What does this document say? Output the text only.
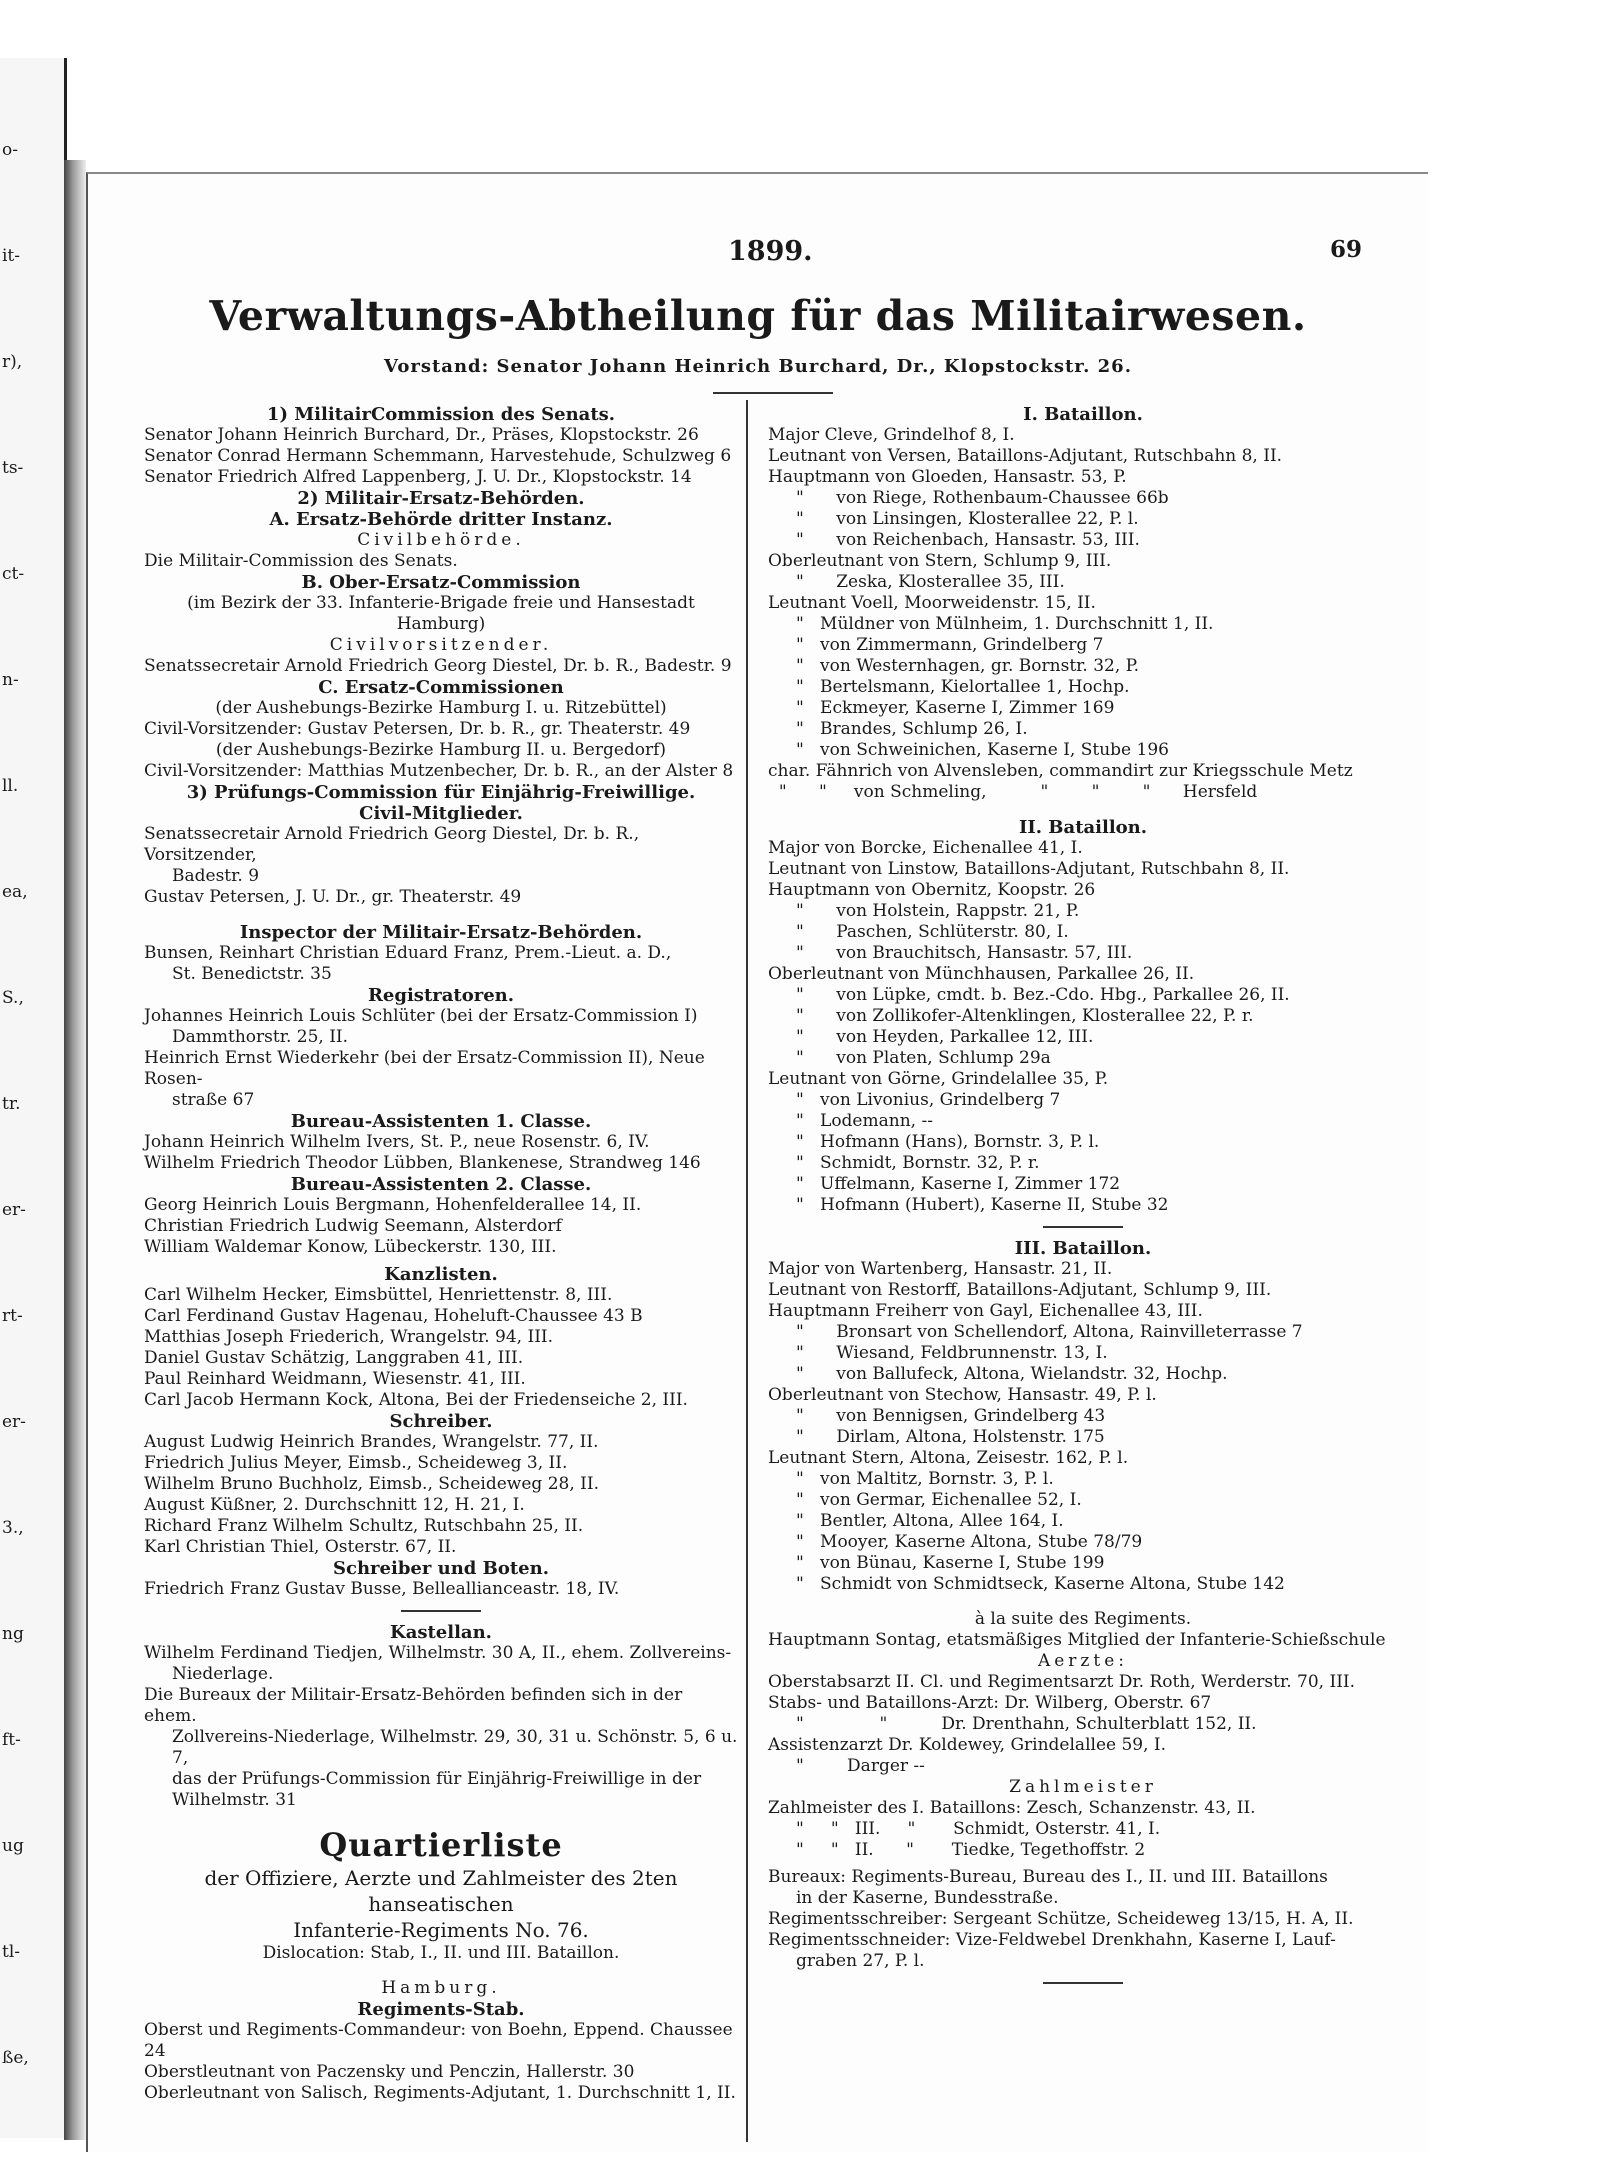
o-
it-
r),
ts-
ct-
n-
ll.
ea,
S.,
tr.
er-
rt-
er-
3.,
ng
ft-
ug
tl-
ße,
1899.	69
Verwaltungs-Abtheilung für das Militairwesen.
Vorstand: Senator Johann Heinrich Burchard, Dr., Klopstockstr. 26.

1) MilitairCommission des Senats.

Senator Johann Heinrich Burchard, Dr., Präses, Klopstockstr. 26

Senator Conrad Hermann Schemmann, Harvestehude, Schulzweg 6

Senator Friedrich Alfred Lappenberg, J. U. Dr., Klopstockstr. 14

2) Militair-Ersatz-Behörden.

A. Ersatz-Behörde dritter Instanz.

Civilbehörde.

Die Militair-Commission des Senats.

B. Ober-Ersatz-Commission

(im Bezirk der 33. Infanterie-Brigade freie und Hansestadt Hamburg)

Civilvorsitzender.

Senatssecretair Arnold Friedrich Georg Diestel, Dr. b. R., Badestr. 9

C. Ersatz-Commissionen

(der Aushebungs-Bezirke Hamburg I. u. Ritzebüttel)

Civil-Vorsitzender: Gustav Petersen, Dr. b. R., gr. Theaterstr. 49

(der Aushebungs-Bezirke Hamburg II. u. Bergedorf)

Civil-Vorsitzender: Matthias Mutzenbecher, Dr. b. R., an der Alster 8

3) Prüfungs-Commission für Einjährig-Freiwillige.

Civil-Mitglieder.

Senatssecretair Arnold Friedrich Georg Diestel, Dr. b. R., Vorsitzender,

Badestr. 9

Gustav Petersen, J. U. Dr., gr. Theaterstr. 49

Inspector der Militair-Ersatz-Behörden.

Bunsen, Reinhart Christian Eduard Franz, Prem.-Lieut. a. D.,

St. Benedictstr. 35

Registratoren.

Johannes Heinrich Louis Schlüter (bei der Ersatz-Commission I)

Dammthorstr. 25, II.

Heinrich Ernst Wiederkehr (bei der Ersatz-Commission II), Neue Rosen-

straße 67

Bureau-Assistenten 1. Classe.

Johann Heinrich Wilhelm Ivers, St. P., neue Rosenstr. 6, IV.

Wilhelm Friedrich Theodor Lübben, Blankenese, Strandweg 146

Bureau-Assistenten 2. Classe.

Georg Heinrich Louis Bergmann, Hohenfelderallee 14, II.

Christian Friedrich Ludwig Seemann, Alsterdorf

William Waldemar Konow, Lübeckerstr. 130, III.

Kanzlisten.

Carl Wilhelm Hecker, Eimsbüttel, Henriettenstr. 8, III.

Carl Ferdinand Gustav Hagenau, Hoheluft-Chaussee 43 B

Matthias Joseph Friederich, Wrangelstr. 94, III.

Daniel Gustav Schätzig, Langgraben 41, III.

Paul Reinhard Weidmann, Wiesenstr. 41, III.

Carl Jacob Hermann Kock, Altona, Bei der Friedenseiche 2, III.

Schreiber.

August Ludwig Heinrich Brandes, Wrangelstr. 77, II.

Friedrich Julius Meyer, Eimsb., Scheideweg 3, II.

Wilhelm Bruno Buchholz, Eimsb., Scheideweg 28, II.

August Küßner, 2. Durchschnitt 12, H. 21, I.

Richard Franz Wilhelm Schultz, Rutschbahn 25, II.

Karl Christian Thiel, Osterstr. 67, II.

Schreiber und Boten.

Friedrich Franz Gustav Busse, Belleallianceastr. 18, IV.

Kastellan.

Wilhelm Ferdinand Tiedjen, Wilhelmstr. 30 A, II., ehem. Zollvereins-

Niederlage.

Die Bureaux der Militair-Ersatz-Behörden befinden sich in der ehem.

Zollvereins-Niederlage, Wilhelmstr. 29, 30, 31 u. Schönstr. 5, 6 u. 7,

das der Prüfungs-Commission für Einjährig-Freiwillige in der

Wilhelmstr. 31

Quartierliste

der Offiziere, Aerzte und Zahlmeister des 2ten hanseatischen

Infanterie-Regiments No. 76.

Dislocation: Stab, I., II. und III. Bataillon.

Hamburg.

Regiments-Stab.

Oberst und Regiments-Commandeur: von Boehn, Eppend. Chaussee 24

Oberstleutnant von Paczensky und Penczin, Hallerstr. 30

Oberleutnant von Salisch, Regiments-Adjutant, 1. Durchschnitt 1, II.

I. Bataillon.

Major Cleve, Grindelhof 8, I.

Leutnant von Versen, Bataillons-Adjutant, Rutschbahn 8, II.

Hauptmann von Gloeden, Hansastr. 53, P.

"      von Riege, Rothenbaum-Chaussee 66b

"      von Linsingen, Klosterallee 22, P. l.

"      von Reichenbach, Hansastr. 53, III.

Oberleutnant von Stern, Schlump 9, III.

"      Zeska, Klosterallee 35, III.

Leutnant Voell, Moorweidenstr. 15, II.

"   Müldner von Mülnheim, 1. Durchschnitt 1, II.

"   von Zimmermann, Grindelberg 7

"   von Westernhagen, gr. Bornstr. 32, P.

"   Bertelsmann, Kielortallee 1, Hochp.

"   Eckmeyer, Kaserne I, Zimmer 169

"   Brandes, Schlump 26, I.

"   von Schweinichen, Kaserne I, Stube 196

char. Fähnrich von Alvensleben, commandirt zur Kriegsschule Metz

"      "     von Schmeling,          "        "        "      Hersfeld

II. Bataillon.

Major von Borcke, Eichenallee 41, I.

Leutnant von Linstow, Bataillons-Adjutant, Rutschbahn 8, II.

Hauptmann von Obernitz, Koopstr. 26

"      von Holstein, Rappstr. 21, P.

"      Paschen, Schlüterstr. 80, I.

"      von Brauchitsch, Hansastr. 57, III.

Oberleutnant von Münchhausen, Parkallee 26, II.

"      von Lüpke, cmdt. b. Bez.-Cdo. Hbg., Parkallee 26, II.

"      von Zollikofer-Altenklingen, Klosterallee 22, P. r.

"      von Heyden, Parkallee 12, III.

"      von Platen, Schlump 29a

Leutnant von Görne, Grindelallee 35, P.

"   von Livonius, Grindelberg 7

"   Lodemann, --

"   Hofmann (Hans), Bornstr. 3, P. l.

"   Schmidt, Bornstr. 32, P. r.

"   Uffelmann, Kaserne I, Zimmer 172

"   Hofmann (Hubert), Kaserne II, Stube 32

III. Bataillon.

Major von Wartenberg, Hansastr. 21, II.

Leutnant von Restorff, Bataillons-Adjutant, Schlump 9, III.

Hauptmann Freiherr von Gayl, Eichenallee 43, III.

"      Bronsart von Schellendorf, Altona, Rainvilleterrasse 7

"      Wiesand, Feldbrunnenstr. 13, I.

"      von Ballufeck, Altona, Wielandstr. 32, Hochp.

Oberleutnant von Stechow, Hansastr. 49, P. l.

"      von Bennigsen, Grindelberg 43

"      Dirlam, Altona, Holstenstr. 175

Leutnant Stern, Altona, Zeisestr. 162, P. l.

"   von Maltitz, Bornstr. 3, P. l.

"   von Germar, Eichenallee 52, I.

"   Bentler, Altona, Allee 164, I.

"   Mooyer, Kaserne Altona, Stube 78/79

"   von Bünau, Kaserne I, Stube 199

"   Schmidt von Schmidtseck, Kaserne Altona, Stube 142

à la suite des Regiments.

Hauptmann Sontag, etatsmäßiges Mitglied der Infanterie-Schießschule

Aerzte:

Oberstabsarzt II. Cl. und Regimentsarzt Dr. Roth, Werderstr. 70, III.

Stabs- und Bataillons-Arzt: Dr. Wilberg, Oberstr. 67

"              "          Dr. Drenthahn, Schulterblatt 152, II.

Assistenzarzt Dr. Koldewey, Grindelallee 59, I.

"        Darger --

Zahlmeister

Zahlmeister des I. Bataillons: Zesch, Schanzenstr. 43, II.

"     "   III.     "       Schmidt, Osterstr. 41, I.

"     "   II.      "       Tiedke, Tegethoffstr. 2

Bureaux: Regiments-Bureau, Bureau des I., II. und III. Bataillons

in der Kaserne, Bundesstraße.

Regimentsschreiber: Sergeant Schütze, Scheideweg 13/15, H. A, II.

Regimentsschneider: Vize-Feldwebel Drenkhahn, Kaserne I, Lauf-

graben 27, P. l.
